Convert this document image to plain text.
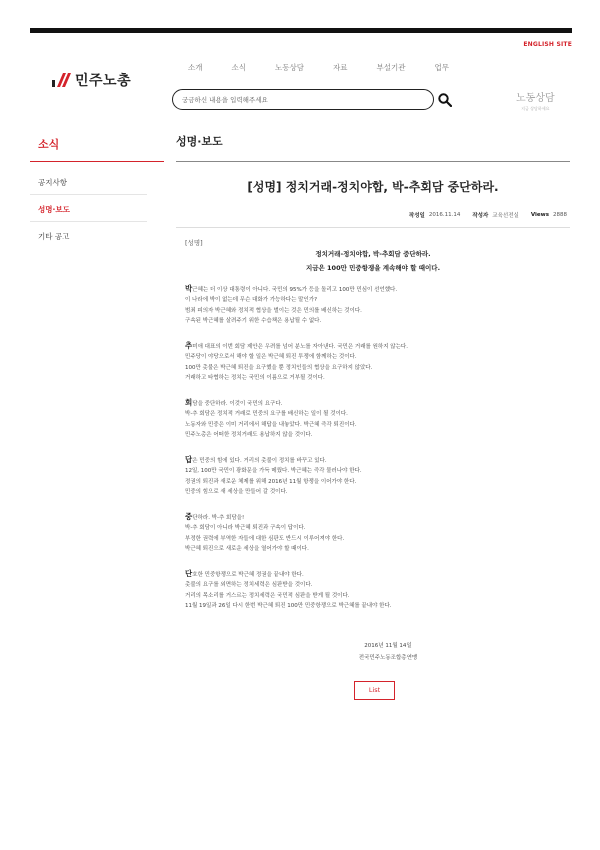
ENGLISH SITE
민주노총
소개	소식	노동상담	자료	부설기관	업무
궁금하신 내용을 입력해주세요	노동상담
지금 상담하세요
소식
공지사항
성명·보도
기타 공고
성명·보도
[성명] 정치거래-정치야합, 박-추회담 중단하라.
작성일 2016.11.14 작성자 교육선전실 Views 2888
[성명]
정치거래-정치야합, 박-추회담 중단하라.
지금은 100만 민중항쟁을 계속해야 할 때이다.
박근혜는 더 이상 대통령이 아니다. 국민의 95%가 등을 돌리고 100만 민심이 선언했다.
이 나라에 박이 없는데 무슨 대화가 가능하다는 말인가?
범죄 피의자 박근혜와 정치적 협상을 벌이는 것은 민의를 배신하는 것이다.
구속된 박근혜를 살려주기 위한 수습책은 용납될 수 없다.
추미애 대표의 이번 회담 제안은 우려를 넘어 분노를 자아낸다. 국민은 거래를 원하지 않는다.
민주당이 야당으로서 해야 할 일은 박근혜 퇴진 투쟁에 함께하는 것이다.
100만 촛불은 박근혜 퇴진을 요구했을 뿐 정치인들의 협상을 요구하지 않았다.
거래하고 타협하는 정치는 국민의 이름으로 거부될 것이다.
회담을 중단하라. 이것이 국민의 요구다.
박-추 회담은 정치적 거래로 민중의 요구를 배신하는 일이 될 것이다.
노동자와 민중은 이미 거리에서 해답을 내놓았다. 박근혜 즉각 퇴진이다.
민주노총은 어떠한 정치거래도 용납하지 않을 것이다.
답은 민중의 힘에 있다. 거리의 촛불이 정치를 바꾸고 있다.
12일, 100만 국민이 광화문을 가득 메웠다. 박근혜는 즉각 물러나야 한다.
정권의 퇴진과 새로운 체제를 위해 2016년 11월 항쟁을 이어가야 한다.
민중의 힘으로 새 세상을 만들어 갈 것이다.
중단하라. 박-추 회담을!
박-추 회담이 아니라 박근혜 퇴진과 구속이 답이다.
부정한 권력에 부역한 자들에 대한 심판도 반드시 이루어져야 한다.
박근혜 퇴진으로 새로운 세상을 열어가야 할 때이다.
단호한 민중항쟁으로 박근혜 정권을 끝내야 한다.
촛불의 요구를 외면하는 정치세력은 심판받을 것이다.
거리의 목소리를 거스르는 정치세력은 국민적 심판을 받게 될 것이다.
11월 19일과 26일 다시 한번 박근혜 퇴진 100만 민중항쟁으로 박근혜를 끝내야 한다.
2016년 11월 14일
전국민주노동조합총연맹
List
